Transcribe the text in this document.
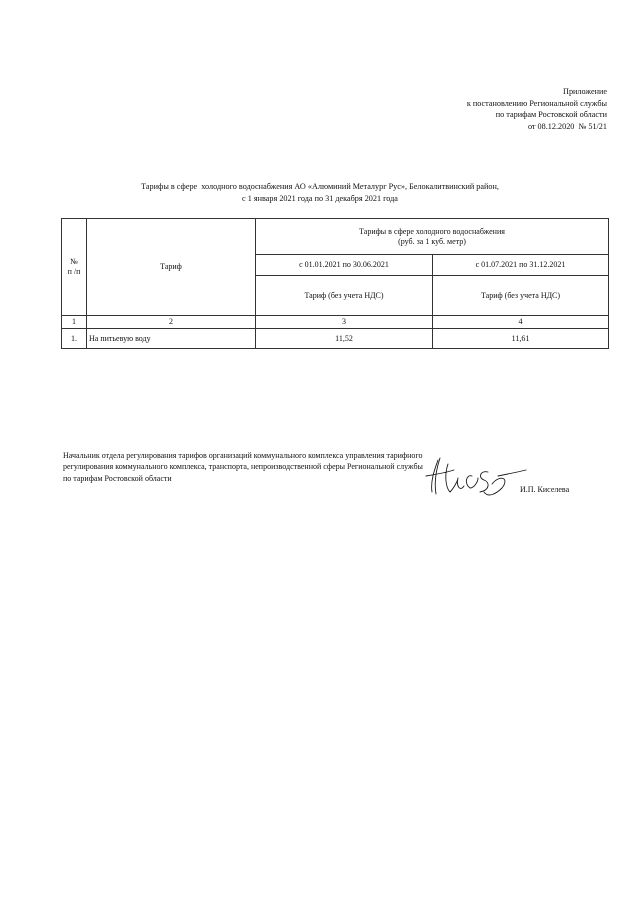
Приложение
к постановлению Региональной службы
по тарифам Ростовской области
от 08.12.2020  № 51/21
Тарифы в сфере  холодного водоснабжения АО «Алюминий Металург Рус», Белокалитвинский район,
с 1 января 2021 года по 31 декабря 2021 года
№
п /п	Тариф	Тарифы в сфере холодного водоснабжения
(руб. за 1 куб. метр)	
		с 01.01.2021 по 30.06.2021	с 01.07.2021 по 31.12.2021
		Тариф (без учета НДС)	Тариф (без учета НДС)
1	2	3	4
1.	На питьевую воду	11,52	11,61
Начальник отдела регулирования тарифов организаций коммунального комплекса управления тарифного регулирования коммунального комплекса, транспорта, непроизводственной сферы Региональной службы по тарифам Ростовской области
И.П. Киселева
